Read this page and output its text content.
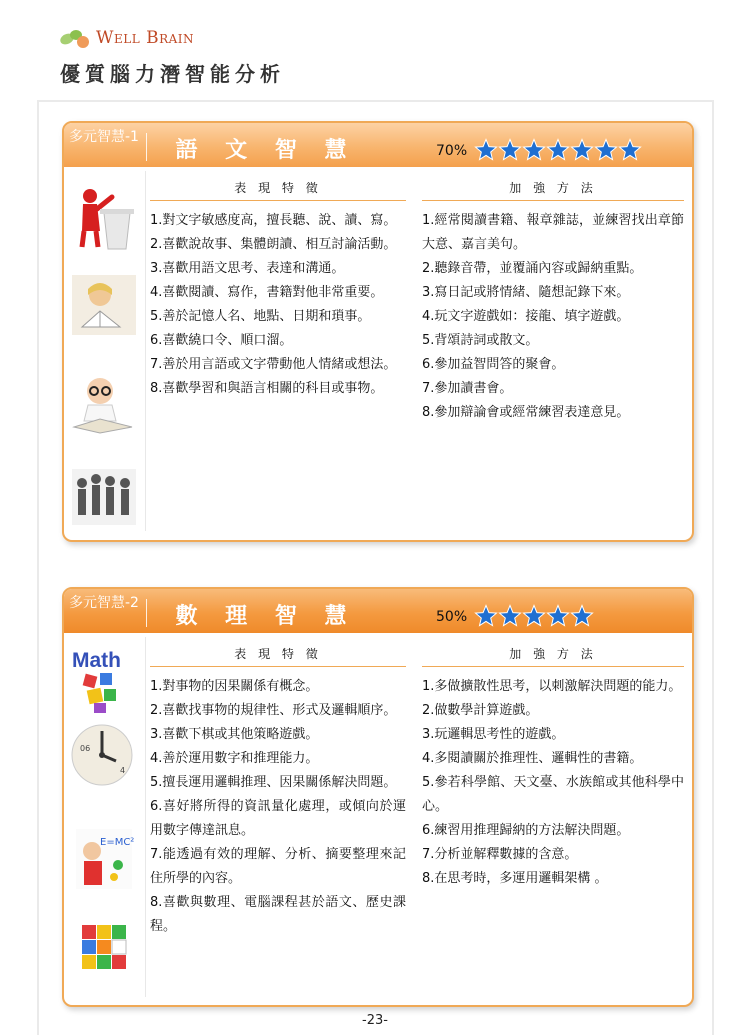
Well Brain
優質腦力潛智能分析
多元智慧-1
語 文 智 慧	70%
表 現 特 徵
1.對文字敏感度高，擅長聽、說、讀、寫。
2.喜歡說故事、集體朗讀、相互討論活動。
3.喜歡用語文思考、表達和溝通。
4.喜歡閱讀、寫作，書籍對他非常重要。
5.善於記憶人名、地點、日期和瑣事。
6.喜歡繞口令、順口溜。
7.善於用言語或文字帶動他人情緒或想法。
8.喜歡學習和與語言相關的科目或事物。
加 強 方 法
1.經常閱讀書籍、報章雜誌，並練習找出章節大意、嘉言美句。
2.聽錄音帶，並覆誦內容或歸納重點。
3.寫日記或將情緒、隨想記錄下來。
4.玩文字遊戲如：接龍、填字遊戲。
5.背頌詩詞或散文。
6.參加益智問答的聚會。
7.參加讀書會。
8.參加辯論會或經常練習表達意見。
多元智慧-2
數 理 智 慧	50%
Math
06
4
E=MC²
表 現 特 徵
1.對事物的因果關係有概念。
2.喜歡找事物的規律性、形式及邏輯順序。
3.喜歡下棋或其他策略遊戲。
4.善於運用數字和推理能力。
5.擅長運用邏輯推理、因果關係解決問題。
6.喜好將所得的資訊量化處理，或傾向於運用數字傳達訊息。
7.能透過有效的理解、分析、摘要整理來記住所學的內容。
8.喜歡與數理、電腦課程甚於語文、歷史課程。
加 強 方 法
1.多做擴散性思考，以刺激解決問題的能力。
2.做數學計算遊戲。
3.玩邏輯思考性的遊戲。
4.多閱讀關於推理性、邏輯性的書籍。
5.參若科學館、天文臺、水族館或其他科學中心。
6.練習用推理歸納的方法解決問題。
7.分析並解釋數據的含意。
8.在思考時，多運用邏輯架構 。
-23-
